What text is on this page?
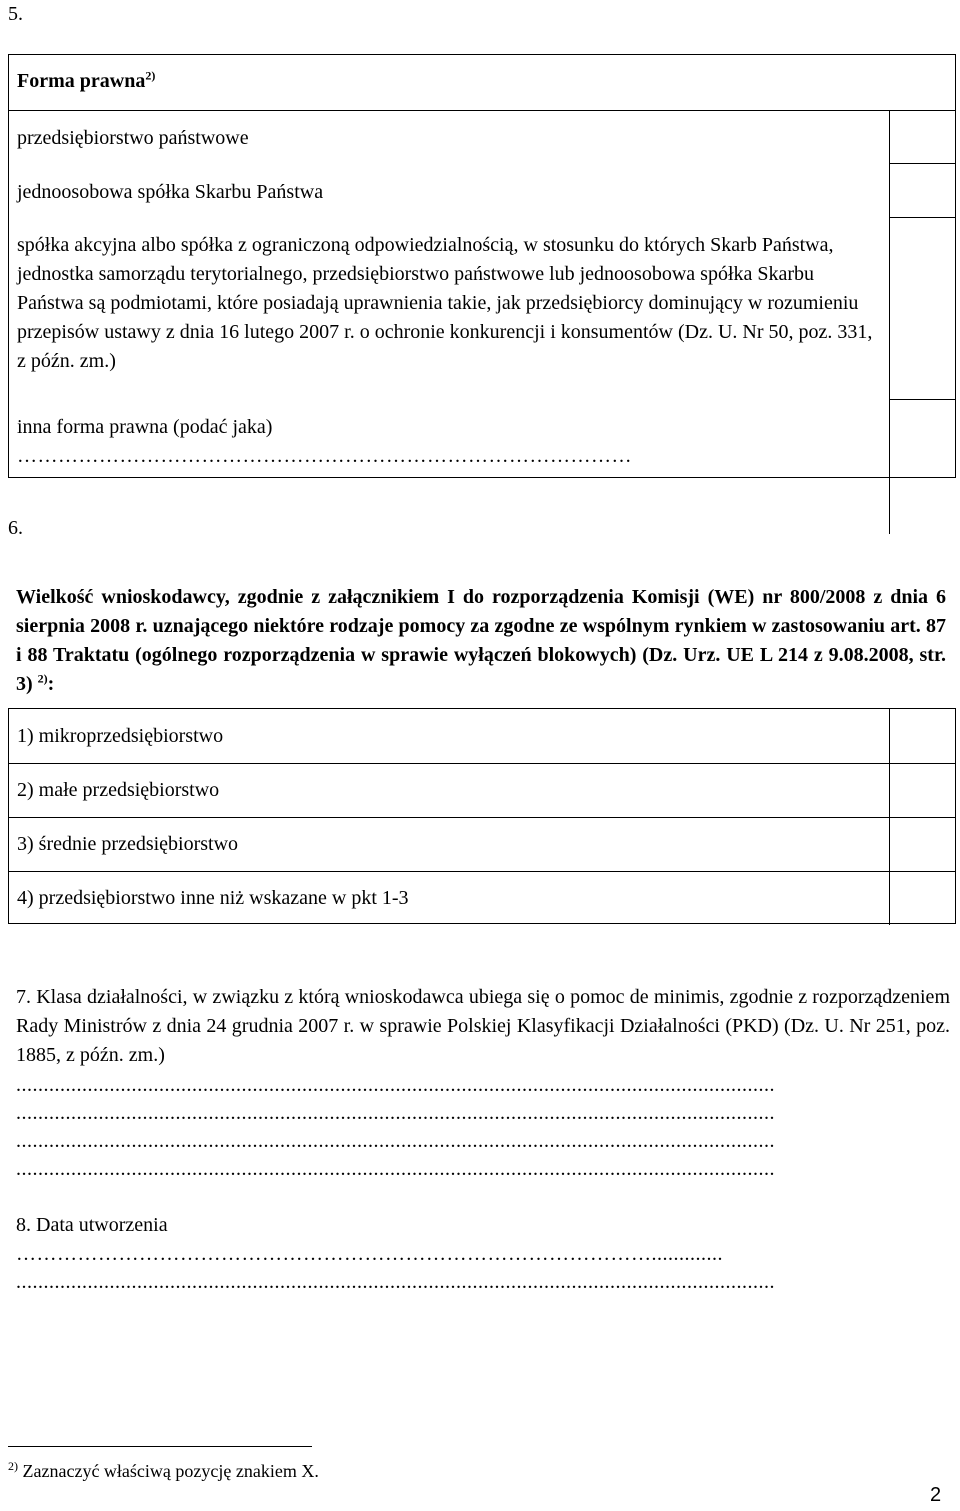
5.
Forma prawna$^{2)}$
przedsiębiorstwo państwowe
jednoosobowa spółka Skarbu Państwa
spółka akcyjna albo spółka z ograniczoną odpowiedzialnością, w stosunku do których Skarb Państwa, jednostka samorządu terytorialnego, przedsiębiorstwo państwowe lub jednoosobowa spółka Skarbu Państwa są podmiotami, które posiadają uprawnienia takie, jak przedsiębiorcy dominujący w rozumieniu przepisów ustawy z dnia 16 lutego 2007 r. o ochronie konkurencji i konsumentów (Dz. U. Nr 50, poz. 331, z późn. zm.)
inna forma prawna (podać jaka)
………………………………………………………………………………
6.
Wielkość wnioskodawcy, zgodnie z załącznikiem I do rozporządzenia Komisji (WE) nr 800/2008 z dnia 6 sierpnia 2008 r. uznającego niektóre rodzaje pomocy za zgodne ze wspólnym rynkiem w zastosowaniu art. 87 i 88 Traktatu (ogólnego rozporządzenia w sprawie wyłączeń blokowych) (Dz. Urz. UE L 214 z 9.08.2008, str. 3) $^{2)}$:
1) mikroprzedsiębiorstwo
2) małe przedsiębiorstwo
3) średnie przedsiębiorstwo
4) przedsiębiorstwo inne niż wskazane w pkt 1-3
7. Klasa działalności, w związku z którą wnioskodawca ubiega się o pomoc de minimis, zgodnie z rozporządzeniem Rady Ministrów z dnia 24 grudnia 2007 r. w sprawie Polskiej Klasyfikacji Działalności (PKD) (Dz. U. Nr 251, poz. 1885, z późn. zm.)
..........................................................................................................................................
..........................................................................................................................................
..........................................................................................................................................
..........................................................................................................................................
8. Data utworzenia
………………………………………………………………………………….............
..........................................................................................................................................
$^{2)}$ Zaznaczyć właściwą pozycję znakiem X.
2
